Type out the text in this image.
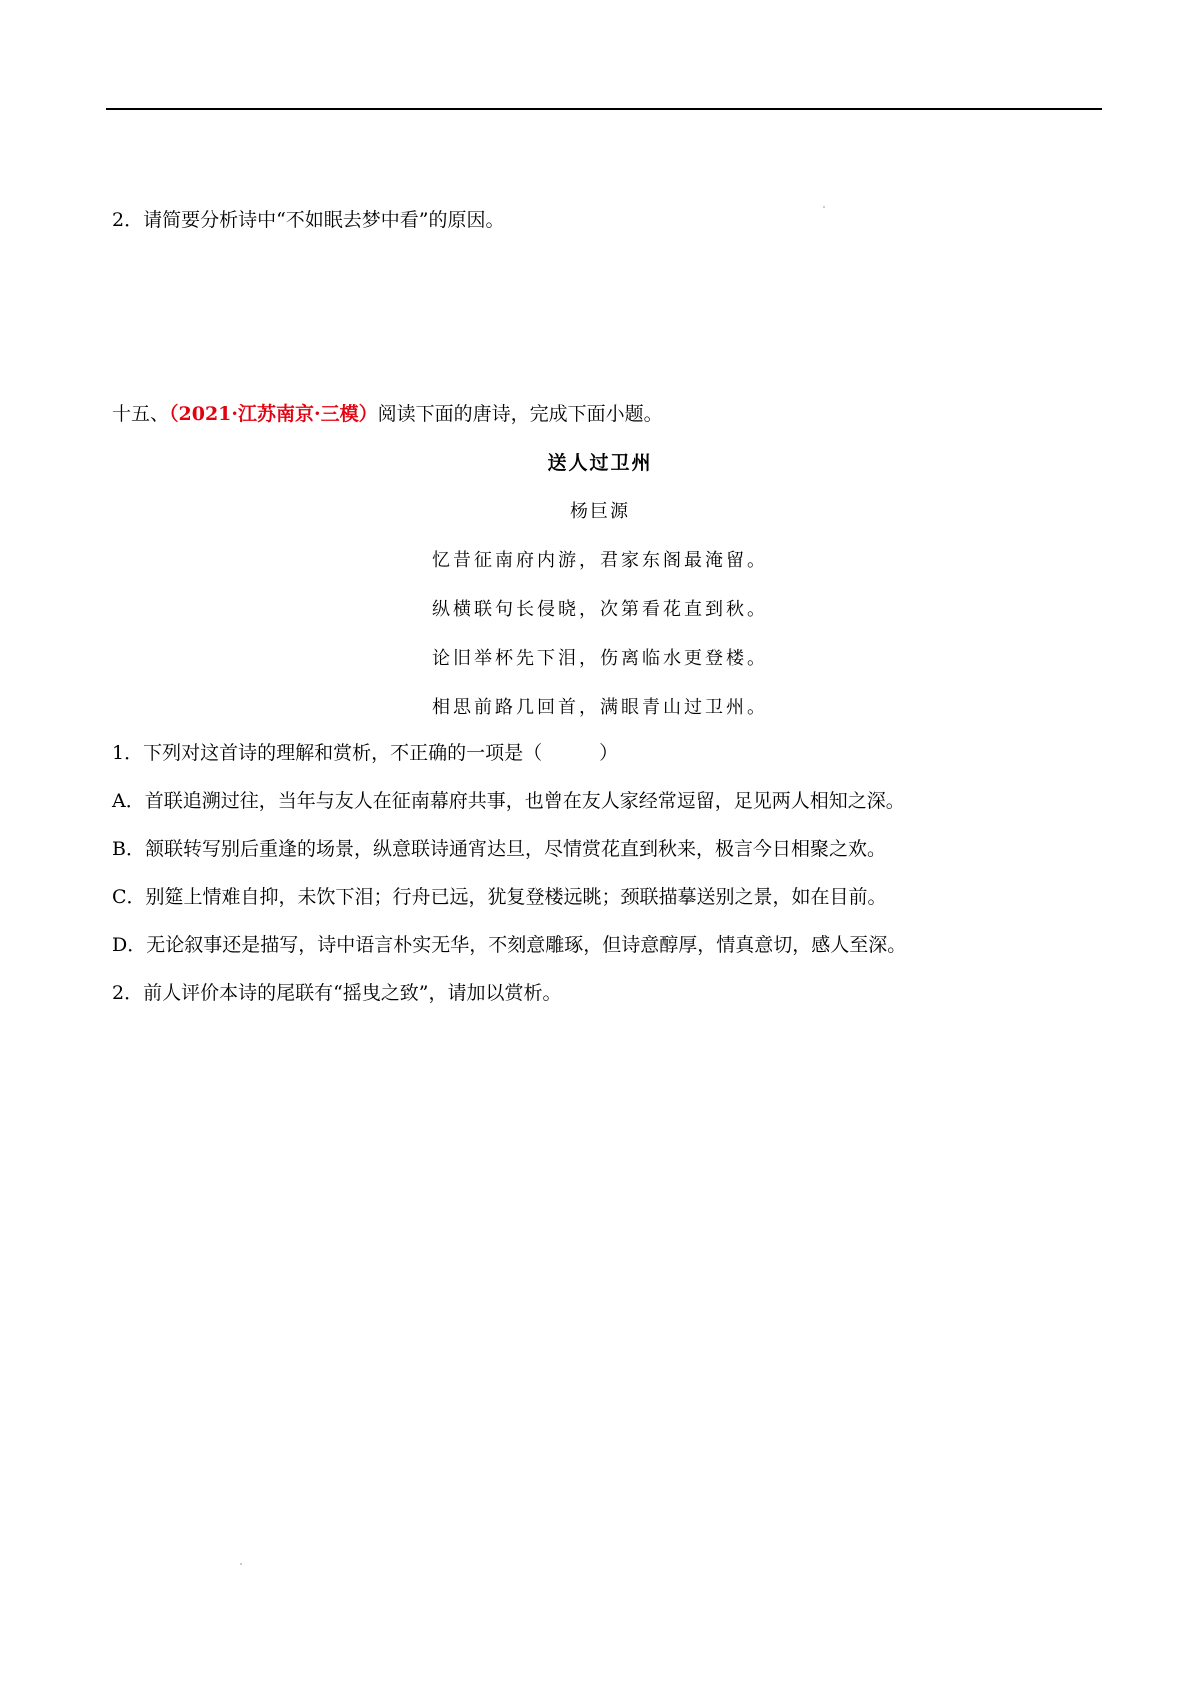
2．请简要分析诗中“不如眠去梦中看”的原因。
十五、（2021·江苏南京·三模）阅读下面的唐诗，完成下面小题。
送人过卫州
杨巨源
忆昔征南府内游，君家东阁最淹留。
纵横联句长侵晓，次第看花直到秋。
论旧举杯先下泪，伤离临水更登楼。
相思前路几回首，满眼青山过卫州。
1．下列对这首诗的理解和赏析，不正确的一项是（　　　）
A．首联追溯过往，当年与友人在征南幕府共事，也曾在友人家经常逗留，足见两人相知之深。
B．颔联转写别后重逢的场景，纵意联诗通宵达旦，尽情赏花直到秋来，极言今日相聚之欢。
C．别筵上情难自抑，未饮下泪；行舟已远，犹复登楼远眺；颈联描摹送别之景，如在目前。
D．无论叙事还是描写，诗中语言朴实无华，不刻意雕琢，但诗意醇厚，情真意切，感人至深。
2．前人评价本诗的尾联有“摇曳之致”，请加以赏析。
